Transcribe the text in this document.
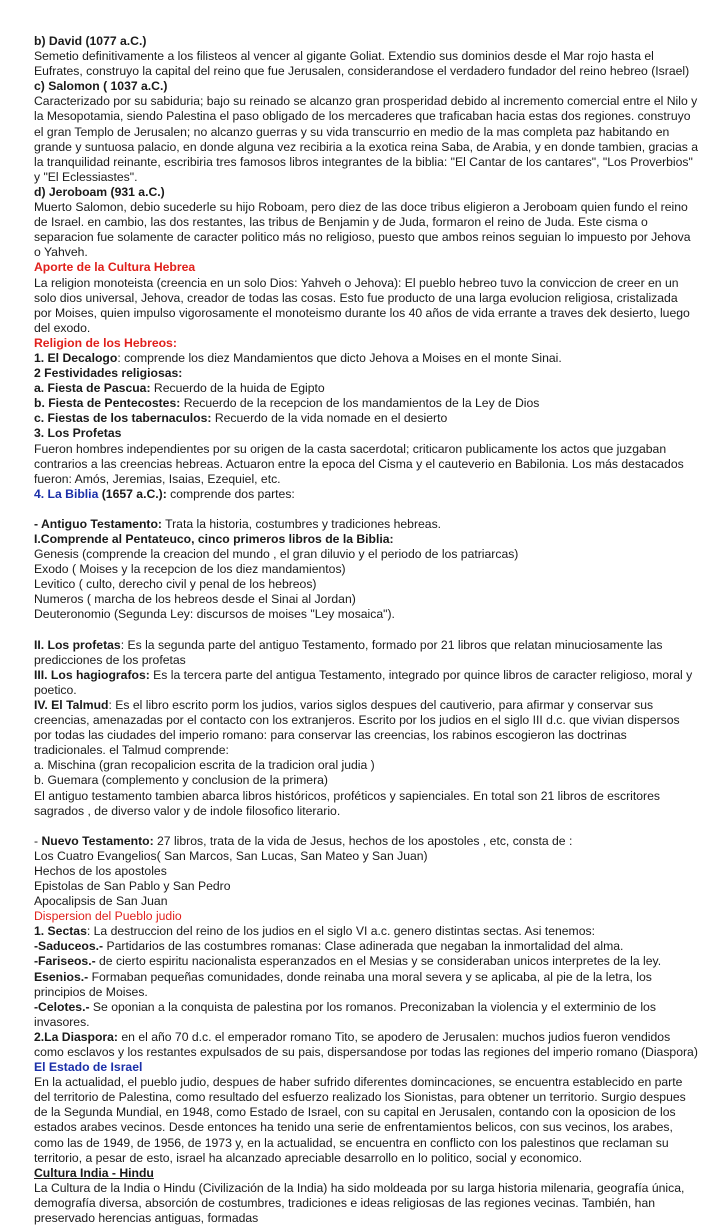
b) David (1077 a.C.)

Semetio definitivamente a los filisteos al vencer al gigante Goliat. Extendio sus dominios desde el Mar rojo hasta el Eufrates, construyo la capital del reino que fue Jerusalen, considerandose el verdadero fundador del reino hebreo (Israel)

c) Salomon ( 1037 a.C.)

Caracterizado por su sabiduria; bajo su reinado se alcanzo gran prosperidad debido al incremento comercial entre el Nilo y la Mesopotamia, siendo Palestina el paso obligado de los mercaderes que traficaban hacia estas dos regiones. construyo el gran Templo de Jerusalen; no alcanzo guerras y su vida transcurrio en medio de la mas completa paz habitando en grande y suntuosa palacio, en donde alguna vez recibiria a la exotica reina Saba, de Arabia, y en donde tambien, gracias a la tranquilidad reinante, escribiria tres famosos libros integrantes de la biblia: "El Cantar de los cantares", "Los Proverbios" y "El Eclessiastes".

d) Jeroboam (931 a.C.)

Muerto Salomon, debio sucederle su hijo Roboam, pero diez de las doce tribus eligieron a Jeroboam quien fundo el reino de Israel. en cambio, las dos restantes, las tribus de Benjamin y de Juda, formaron el reino de Juda. Este cisma o separacion fue solamente de caracter politico más no religioso, puesto que ambos reinos seguian lo impuesto por Jehova o Yahveh.

Aporte de la Cultura Hebrea

La religion monoteista (creencia en un solo Dios: Yahveh o Jehova): El pueblo hebreo tuvo la conviccion de creer en un solo dios universal, Jehova, creador de todas las cosas. Esto fue producto de una larga evolucion religiosa, cristalizada por Moises, quien impulso vigorosamente el monoteismo durante los 40 años de vida errante a traves dek desierto, luego del exodo.

Religion de los Hebreos:

1. El Decalogo: comprende los diez Mandamientos que dicto Jehova a Moises en el monte Sinai.

2 Festividades religiosas:

a. Fiesta de Pascua: Recuerdo de la huida de Egipto

b. Fiesta de Pentecostes: Recuerdo de la recepcion de los mandamientos de la Ley de Dios

c. Fiestas de los tabernaculos: Recuerdo de la vida nomade en el desierto

3. Los Profetas

Fueron hombres independientes por su origen de la casta sacerdotal; criticaron publicamente los actos que juzgaban contrarios a las creencias hebreas. Actuaron entre la epoca del Cisma y el cauteverio en Babilonia. Los más destacados fueron: Amós, Jeremias, Isaias, Ezequiel, etc.

4. La Biblia (1657 a.C.): comprende dos partes:

- Antiguo Testamento: Trata la historia, costumbres y tradiciones hebreas.

I.Comprende al Pentateuco, cinco primeros libros de la Biblia:

Genesis (comprende la creacion del mundo , el gran diluvio y el periodo de los patriarcas)

Exodo ( Moises y la recepcion de los diez mandamientos)

Levitico ( culto, derecho civil y penal de los hebreos)

Numeros ( marcha de los hebreos desde el Sinai al Jordan)

Deuteronomio (Segunda Ley: discursos de moises "Ley mosaica").

II. Los profetas: Es la segunda parte del antiguo Testamento, formado por 21 libros que relatan minuciosamente las predicciones de los profetas

III. Los hagiografos: Es la tercera parte del antigua Testamento, integrado por quince libros de caracter religioso, moral y poetico.

IV. El Talmud: Es el libro escrito porm los judios, varios siglos despues del cautiverio, para afirmar y conservar sus creencias, amenazadas por el contacto con los extranjeros. Escrito por los judios en el siglo III d.c. que vivian dispersos por todas las ciudades del imperio romano: para conservar las creencias, los rabinos escogieron las doctrinas tradicionales. el Talmud comprende:

a. Mischina (gran recopalicion escrita de la tradicion oral judia )

b. Guemara (complemento y conclusion de la primera)

El antiguo testamento tambien abarca libros históricos, proféticos y sapienciales. En total son 21 libros de escritores sagrados , de diverso valor y de indole filosofico literario.

- Nuevo Testamento: 27 libros, trata de la vida de Jesus, hechos de los apostoles , etc, consta de :

Los Cuatro Evangelios( San Marcos, San Lucas, San Mateo y San Juan)

Hechos de los apostoles

Epistolas de San Pablo y San Pedro

Apocalipsis de San Juan

Dispersion del Pueblo judio

1. Sectas: La destruccion del reino de los judios en el siglo VI a.c. genero distintas sectas. Asi tenemos:

-Saduceos.- Partidarios de las costumbres romanas: Clase adinerada que negaban la inmortalidad del alma.

-Fariseos.- de cierto espiritu nacionalista esperanzados en el Mesias y se consideraban unicos interpretes de la ley.

Esenios.- Formaban pequeñas comunidades, donde reinaba una moral severa y se aplicaba, al pie de la letra, los principios de Moises.

-Celotes.- Se oponian a la conquista de palestina por los romanos. Preconizaban la violencia y el exterminio de los invasores.

2.La Diaspora: en el año 70 d.c. el emperador romano Tito, se apodero de Jerusalen: muchos judios fueron vendidos como esclavos y los restantes expulsados de su pais, dispersandose por todas las regiones del imperio romano (Diaspora)

El Estado de Israel

En la actualidad, el pueblo judio, despues de haber sufrido diferentes domincaciones, se encuentra establecido en parte del territorio de Palestina, como resultado del esfuerzo realizado los Sionistas, para obtener un territorio. Surgio despues de la Segunda Mundial, en 1948, como Estado de Israel, con su capital en Jerusalen, contando con la oposicion de los estados arabes vecinos. Desde entonces ha tenido una serie de enfrentamientos belicos, con sus vecinos, los arabes, como las de 1949, de 1956, de 1973 y, en la actualidad, se encuentra en conflicto con los palestinos que reclaman su territorio, a pesar de esto, israel ha alcanzado apreciable desarrollo en lo politico, social y economico.

Cultura India - Hindu

La Cultura de la India o Hindu (Civilización de la India) ha sido moldeada por su larga historia milenaria, geografía única, demografía diversa, absorción de costumbres, tradiciones e ideas religiosas de las regiones vecinas. También, han preservado herencias antiguas, formadas
